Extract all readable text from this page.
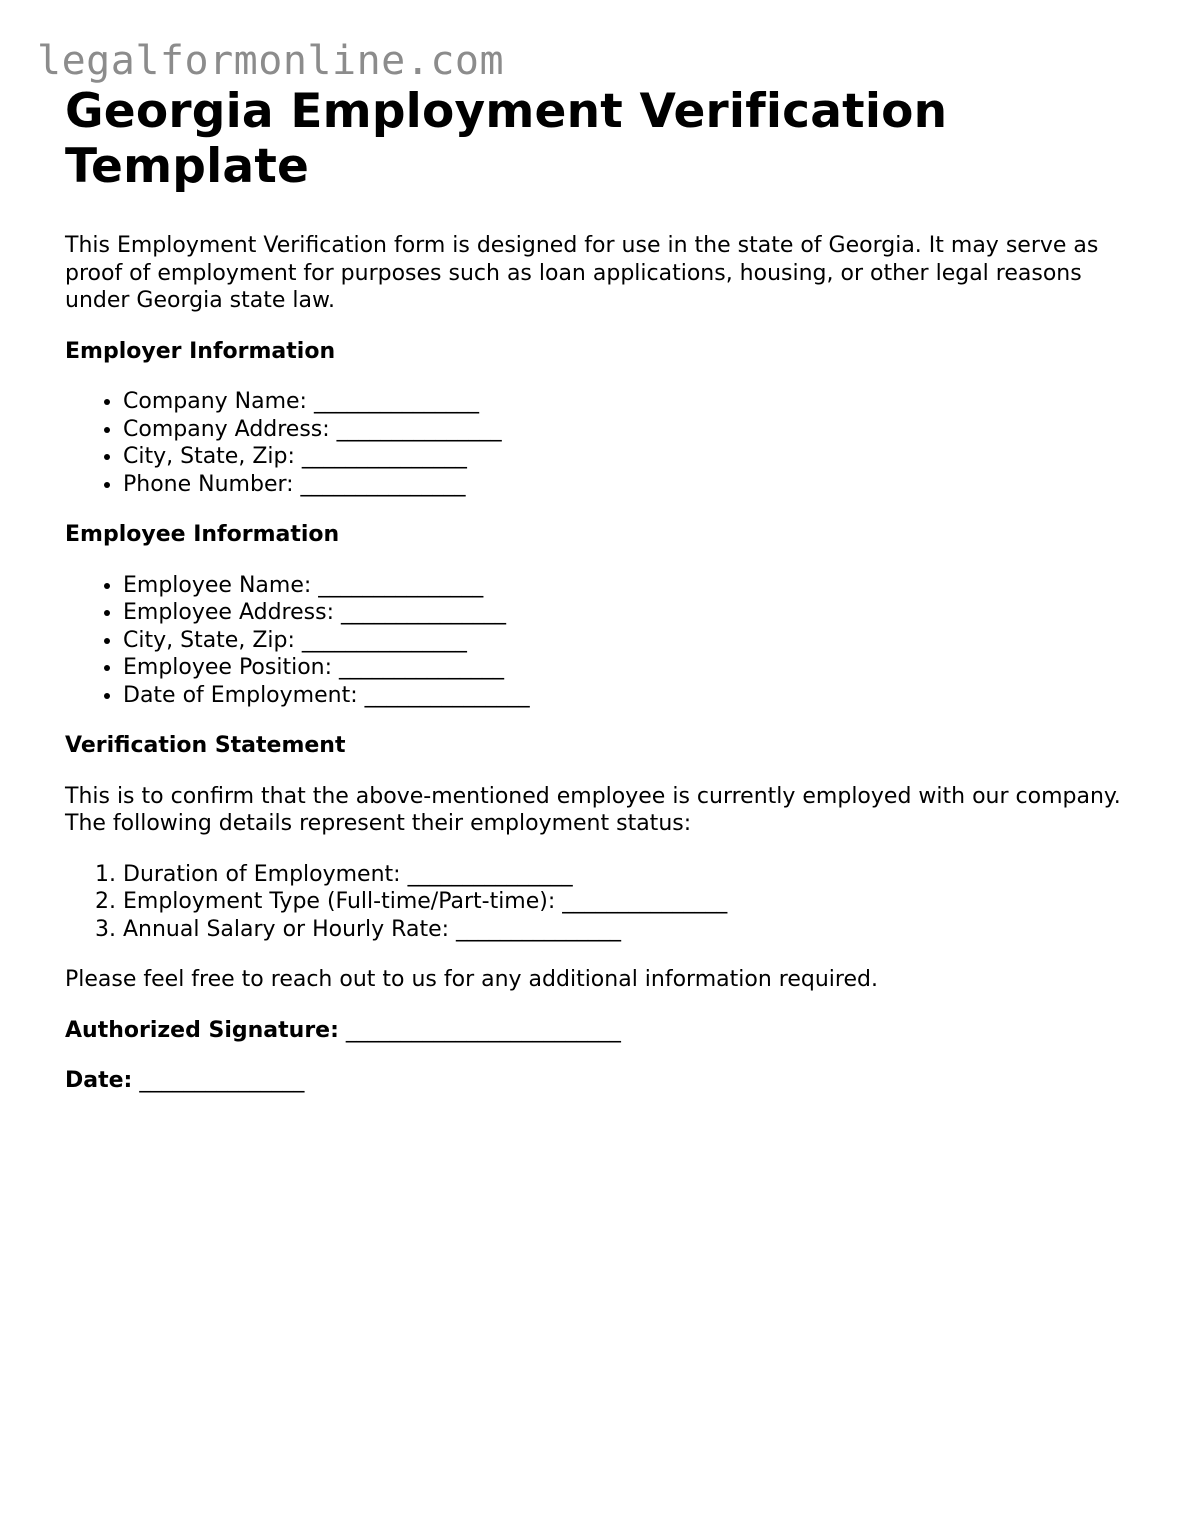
legalformonline.com
Georgia Employment Verification Template

This Employment Verification form is designed for use in the state of Georgia. It may serve as proof of employment for purposes such as loan applications, housing, or other legal reasons under Georgia state law.

Employer Information
• Company Name: _______________
• Company Address: _______________
• City, State, Zip: _______________
• Phone Number: _______________
Employee Information
• Employee Name: _______________
• Employee Address: _______________
• City, State, Zip: _______________
• Employee Position: _______________
• Date of Employment: _______________
Verification Statement

This is to confirm that the above-mentioned employee is currently employed with our company. The following details represent their employment status:

1. Duration of Employment: _______________
2. Employment Type (Full-time/Part-time): _______________
3. Annual Salary or Hourly Rate: _______________

Please feel free to reach out to us for any additional information required.

Authorized Signature: _________________________

Date: _______________
